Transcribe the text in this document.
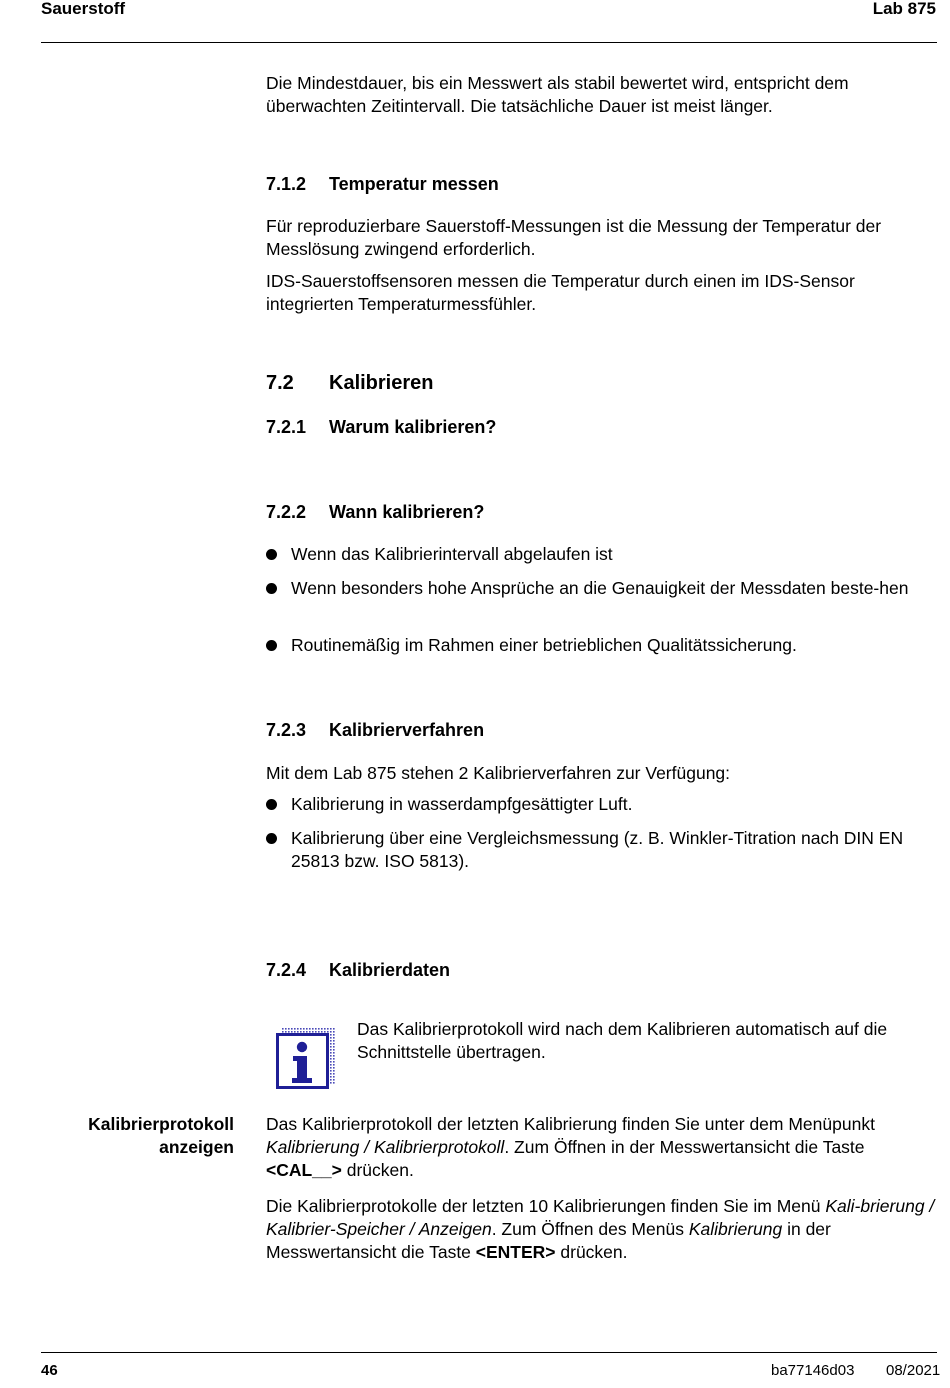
Sauerstoff	Lab 875

Die Mindestdauer, bis ein Messwert als stabil bewertet wird, entspricht dem überwachten Zeitintervall. Die tatsächliche Dauer ist meist länger.

7.1.2 Temperatur messen

Für reproduzierbare Sauerstoff-Messungen ist die Messung der Temperatur der Messlösung zwingend erforderlich.

IDS-Sauerstoffsensoren messen die Temperatur durch einen im IDS-Sensor integrierten Temperaturmessfühler.

7.2 Kalibrieren
7.2.1 Warum kalibrieren?
7.2.2 Wann kalibrieren?
Wenn das Kalibrierintervall abgelaufen ist
Wenn besonders hohe Ansprüche an die Genauigkeit der Messdaten beste-hen
Routinemäßig im Rahmen einer betrieblichen Qualitätssicherung.
7.2.3 Kalibrierverfahren

Mit dem Lab 875 stehen 2 Kalibrierverfahren zur Verfügung:

Kalibrierung in wasserdampfgesättigter Luft.
Kalibrierung über eine Vergleichsmessung (z. B. Winkler-Titration nach DIN EN 25813 bzw. ISO 5813).
7.2.4 Kalibrierdaten

Das Kalibrierprotokoll wird nach dem Kalibrieren automatisch auf die Schnittstelle übertragen.

Kalibrierprotokoll
anzeigen

Das Kalibrierprotokoll der letzten Kalibrierung finden Sie unter dem Menüpunkt Kalibrierung / Kalibrierprotokoll. Zum Öffnen in der Messwertansicht die Taste <CAL__> drücken.

Die Kalibrierprotokolle der letzten 10 Kalibrierungen finden Sie im Menü Kali-brierung / Kalibrier-Speicher / Anzeigen. Zum Öffnen des Menüs Kalibrierung in der Messwertansicht die Taste <ENTER> drücken.

46	ba77146d03 08/2021
